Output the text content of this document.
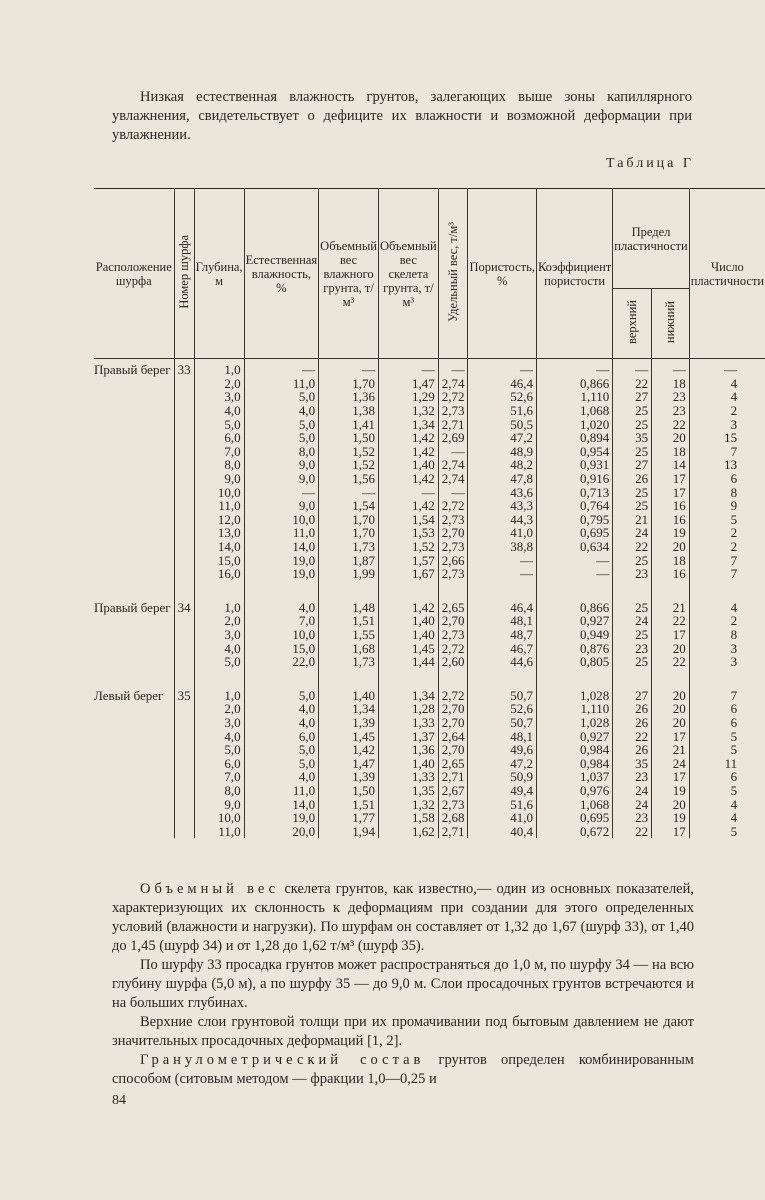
Низкая естественная влажность грунтов, залегающих выше зоны капиллярного увлажнения, свидетельствует о дефиците их влажности и возможной деформации при увлажнении.

Таблица Г
Расположение шурфа	Номер шурфа	Глубина, м	Естественная влажность, %	Объемный вес влажного грунта, т/м³	Объемный вес скелета грунта, т/м³	Удельный вес, т/м³	Пористость, %	Коэффициент пористости	Предел пластичности		Число пластичности
									верхний	нижний	
Правый берег	33	1,0	—	—	—	—	—	—	—	—	—
		2,0	11,0	1,70	1,47	2,74	46,4	0,866	22	18	4
		3,0	5,0	1,36	1,29	2,72	52,6	1,110	27	23	4
		4,0	4,0	1,38	1,32	2,73	51,6	1,068	25	23	2
		5,0	5,0	1,41	1,34	2,71	50,5	1,020	25	22	3
		6,0	5,0	1,50	1,42	2,69	47,2	0,894	35	20	15
		7,0	8,0	1,52	1,42	—	48,9	0,954	25	18	7
		8,0	9,0	1,52	1,40	2,74	48,2	0,931	27	14	13
		9,0	9,0	1,56	1,42	2,74	47,8	0,916	26	17	6
		10,0	—	—	—	—	43,6	0,713	25	17	8
		11,0	9,0	1,54	1,42	2,72	43,3	0,764	25	16	9
		12,0	10,0	1,70	1,54	2,73	44,3	0,795	21	16	5
		13,0	11,0	1,70	1,53	2,70	41,0	0,695	24	19	2
		14,0	14,0	1,73	1,52	2,73	38,8	0,634	22	20	2
		15,0	19,0	1,87	1,57	2,66	—	—	25	18	7
		16,0	19,0	1,99	1,67	2,73	—	—	23	16	7

Правый берег	34	1,0	4,0	1,48	1,42	2,65	46,4	0,866	25	21	4
		2,0	7,0	1,51	1,40	2,70	48,1	0,927	24	22	2
		3,0	10,0	1,55	1,40	2,73	48,7	0,949	25	17	8
		4,0	15,0	1,68	1,45	2,72	46,7	0,876	23	20	3
		5,0	22,0	1,73	1,44	2,60	44,6	0,805	25	22	3

Левый берег	35	1,0	5,0	1,40	1,34	2,72	50,7	1,028	27	20	7
		2,0	4,0	1,34	1,28	2,70	52,6	1,110	26	20	6
		3,0	4,0	1,39	1,33	2,70	50,7	1,028	26	20	6
		4,0	6,0	1,45	1,37	2,64	48,1	0,927	22	17	5
		5,0	5,0	1,42	1,36	2,70	49,6	0,984	26	21	5
		6,0	5,0	1,47	1,40	2,65	47,2	0,984	35	24	11
		7,0	4,0	1,39	1,33	2,71	50,9	1,037	23	17	6
		8,0	11,0	1,50	1,35	2,67	49,4	0,976	24	19	5
		9,0	14,0	1,51	1,32	2,73	51,6	1,068	24	20	4
		10,0	19,0	1,77	1,58	2,68	41,0	0,695	23	19	4
		11,0	20,0	1,94	1,62	2,71	40,4	0,672	22	17	5

Объемный вес скелета грунтов, как известно,— один из основных показателей, характеризующих их склонность к деформациям при создании для этого определенных условий (влажности и нагрузки). По шурфам он составляет от 1,32 до 1,67 (шурф 33), от 1,40 до 1,45 (шурф 34) и от 1,28 до 1,62 т/м³ (шурф 35).

По шурфу 33 просадка грунтов может распространяться до 1,0 м, по шурфу 34 — на всю глубину шурфа (5,0 м), а по шурфу 35 — до 9,0 м. Слои просадочных грунтов встречаются и на больших глубинах.

Верхние слои грунтовой толщи при их промачивании под бытовым давлением не дают значительных просадочных деформаций [1, 2].

Гранулометрический состав грунтов определен комбинированным способом (ситовым методом — фракции 1,0—0,25 и

84
